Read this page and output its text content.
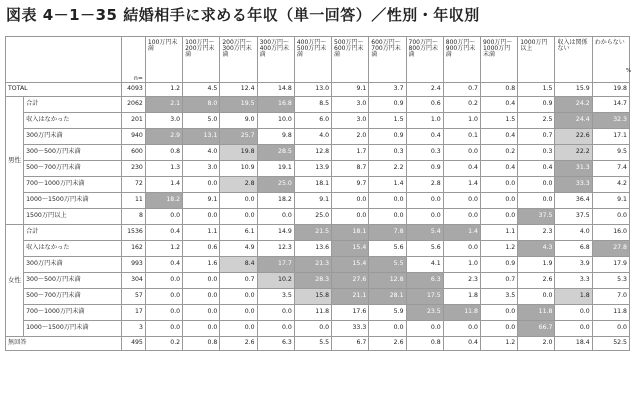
図表 4－1－35 結婚相手に求める年収（単一回答）／性別・年収別
		n=	100万円未満	100万円～200万円未満	200万円～300万円未満	300万円～400万円未満	400万円～500万円未満	500万円～600万円未満	600万円～700万円未満	700万円～800万円未満	800万円～900万円未満	900万円～1000万円未満	1000万円以上	収入は関係ない	わからない
TOTAL		4093	1.2	4.5	12.4	14.8	13.0	9.1	3.7	2.4	0.7	0.8	1.5	15.9	19.8
男性	合計	2062	2.1	8.0	19.5	16.8	8.5	3.0	0.9	0.6	0.2	0.4	0.9	24.2	14.7
	収入はなかった	201	3.0	5.0	9.0	10.0	6.0	3.0	1.5	1.0	1.0	1.5	2.5	24.4	32.3
	300万円未満	940	2.9	13.1	25.7	9.8	4.0	2.0	0.9	0.4	0.1	0.4	0.7	22.6	17.1
	300～500万円未満	600	0.8	4.0	19.8	28.5	12.8	1.7	0.3	0.3	0.0	0.2	0.3	22.2	9.5
	500～700万円未満	230	1.3	3.0	10.9	19.1	13.9	8.7	2.2	0.9	0.4	0.4	0.4	31.3	7.4
	700～1000万円未満	72	1.4	0.0	2.8	25.0	18.1	9.7	1.4	2.8	1.4	0.0	0.0	33.3	4.2
	1000～1500万円未満	11	18.2	9.1	0.0	18.2	9.1	0.0	0.0	0.0	0.0	0.0	0.0	36.4	9.1
	1500万円以上	8	0.0	0.0	0.0	0.0	25.0	0.0	0.0	0.0	0.0	0.0	37.5	37.5	0.0
女性	合計	1536	0.4	1.1	6.1	14.9	21.5	18.1	7.8	5.4	1.4	1.1	2.3	4.0	16.0
	収入はなかった	162	1.2	0.6	4.9	12.3	13.6	15.4	5.6	5.6	0.0	1.2	4.3	6.8	27.8
	300万円未満	993	0.4	1.6	8.4	17.7	21.3	15.4	5.5	4.1	1.0	0.9	1.9	3.9	17.9
	300～500万円未満	304	0.0	0.0	0.7	10.2	28.3	27.6	12.8	6.3	2.3	0.7	2.6	3.3	5.3
	500～700万円未満	57	0.0	0.0	0.0	3.5	15.8	21.1	28.1	17.5	1.8	3.5	0.0	1.8	7.0
	700～1000万円未満	17	0.0	0.0	0.0	0.0	11.8	17.6	5.9	23.5	11.8	0.0	11.8	0.0	11.8
	1000～1500万円未満	3	0.0	0.0	0.0	0.0	0.0	33.3	0.0	0.0	0.0	0.0	66.7	0.0	0.0
無回答		495	0.2	0.8	2.6	6.3	5.5	6.7	2.6	0.8	0.4	1.2	2.0	18.4	52.5
%
